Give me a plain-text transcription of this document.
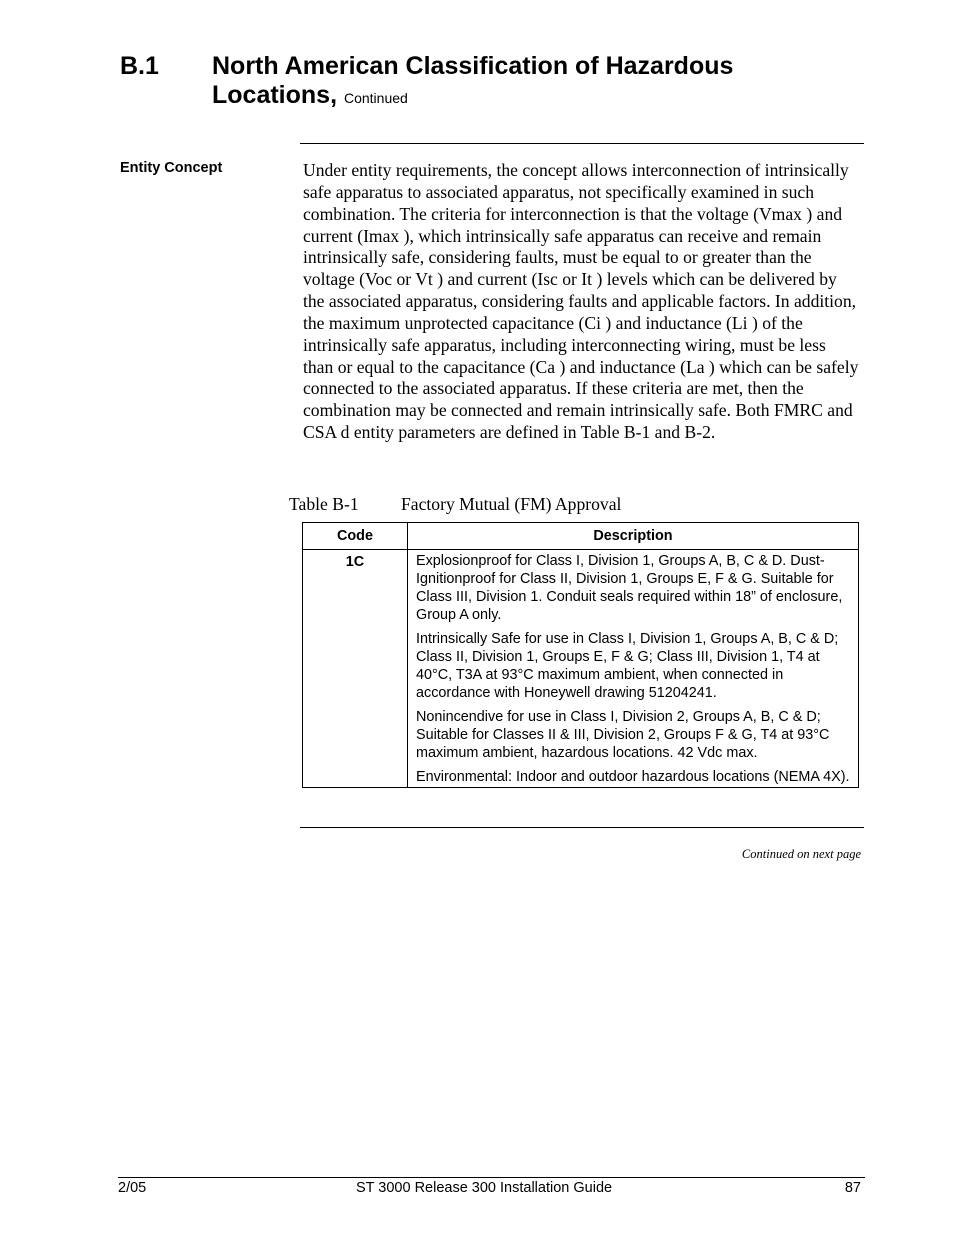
B.1 North American Classification of Hazardous Locations, Continued
Entity Concept	Under entity requirements, the concept allows interconnection of intrinsically safe apparatus to associated apparatus, not specifically examined in such combination. The criteria for interconnection is that the voltage (Vmax ) and current (Imax ), which intrinsically safe apparatus can receive and remain intrinsically safe, considering faults, must be equal to or greater than the voltage (Voc or Vt ) and current (Isc or It ) levels which can be delivered by the associated apparatus, considering faults and applicable factors. In addition, the maximum unprotected capacitance (Ci ) and inductance (Li ) of the intrinsically safe apparatus, including interconnecting wiring, must be less than or equal to the capacitance (Ca ) and inductance (La ) which can be safely connected to the associated apparatus. If these criteria are met, then the combination may be connected and remain intrinsically safe. Both FMRC and CSA d entity parameters are defined in Table B-1 and B-2.

Table B-1 Factory Mutual (FM) Approval
Code	Description
1C	Explosionproof for Class I, Division 1, Groups A, B, C & D. Dust-Ignitionproof for Class II, Division 1, Groups E, F & G. Suitable for Class III, Division 1. Conduit seals required within 18” of enclosure, Group A only.

Intrinsically Safe for use in Class I, Division 1, Groups A, B, C & D; Class II, Division 1, Groups E, F & G; Class III, Division 1, T4 at 40°C, T3A at 93°C maximum ambient, when connected in accordance with Honeywell drawing 51204241.

Nonincendive for use in Class I, Division 2, Groups A, B, C & D; Suitable for Classes II & III, Division 2, Groups F & G, T4 at 93°C maximum ambient, hazardous locations. 42 Vdc max.

Environmental: Indoor and outdoor hazardous locations (NEMA 4X).

Continued on next page
2/05	ST 3000 Release 300 Installation Guide	87
